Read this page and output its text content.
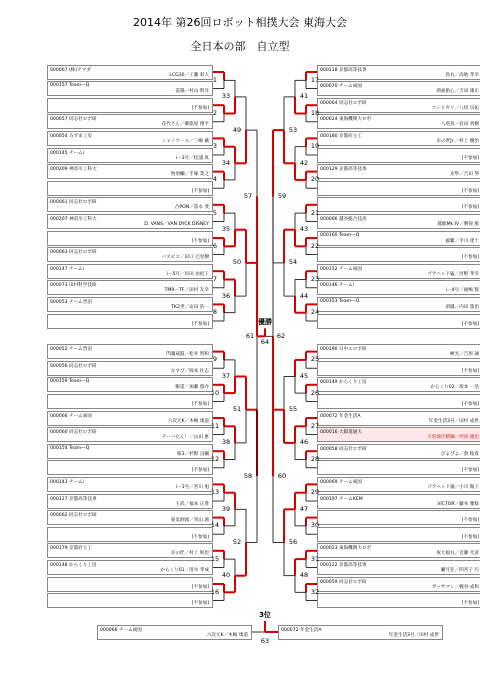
2014年 第26回ロボット相撲大会 東海大会
全日本の部　自立型
000067 (株)アマダ
LCG30／工藤 彩人
000157 Team―Q
雷陽／村山 智洋
[不参加]
000057 同志社ロボ研
花代さん／御旅屋 翔平
000054 みずま工房
シャノワール／三嶋 蕭
000145 チームi
i－3号／松浦 真
000209 神奈川工科大
致須欄／手塚 業之
[不参加]
000061 同志社ロボ研
凸PON／冨永 斐
000207 神奈川工科大
D. VANS／VAN DYCK DISNEY
[不参加]
000063 同志社ロボ研
バスピエ／田口 巴里樹
000147 チームi
i－5号／岸田 由紀子
000073 田村科学技研
TMR－TF／田村 友幸
000053 チーム晋沼
TK2世／安田 浩一
[不参加]
000052 チーム晋沼
閃魂竜鼓／松井 智和
000056 同志社ロボ研
なすび／岡本 壮志
000159 Team―Q
駆雷／加藤 悠介
[不参加]
000066 チーム両国
六次元K／木嶋 康道
000060 同志社ロボ研
テーバたん！／山田 惠
000154 Team―Q
桜3／杉野 良輔
[不参加]
000143 チームi
i－1号／宮川 旭
000127 京都高等技専
王武／福本 正豊
000062 同志社ロボ研
東気洞流／青山 凛
[不参加]
000179 京都府立工
京の匠／村上 和也
000148 からくり工房
からくり01／清水 孝成
[不参加]
[不参加]
000118 京都高等技専
鳥丸／高地 孝幸
000070 チーム両国
酒豪旅心／吉田 康正
000064 同志社ロボ研
コシヒカリ／八切 宗拓
000024 東海機関大ロボ
八咫鳥／岩田 勇樹
000180 京都府立工
京の匠Jr.／村上 優治
[不参加]
000129 京都高等技専
京隼／吉田 努
[不参加]
[不参加]
000066 越谷総合技高
越総Mk IV／勝俣 航
000160 Team―Q
風覇／平川 達士
[不参加]
000152 チーム両国
ゴアヘッド猛／河野 孝幸
000146 チームi
i－4号／福嶋 賢
000153 Team―Q
須鳳／内田 篤治
[不参加]
000190 日中エロボ研
極光／吉原 誠
[不参加]
000149 からくり工房
からくり02／坂本 一浩
[不参加]
000072 年金生活A
年金生活3号／田村 成世
000016 大阪電通大
大電通氏精鋼／西原 頭也
000058 同志社ロボ研
ぴよぴよ／倉 稔貴
[不参加]
000069 チーム両国
ゴアヘッド藻／小川 陽子
000197 チームKEM
VICTOR／藤木 雅稔
[不参加]
[不参加]
000023 東海機関大ロボ
夜大福丸／近藤 光彦
000122 京都高等技専
瀬月狂／四宮子 巧
000059 同志社ロボ研
ガッサマン／梶谷 成和
[不参加]
000066 チーム両国
六次元K／木嶋 康道
000072 年金生活A
年金生活3号／田村 成世
1
2
3
4
5
6
7
8
9
10
11
12
13
14
15
16
33
34
35
36
37
38
39
40
49
50
51
52
57
58
17
18
19
20
21
22
23
24
25
26
27
28
29
30
31
32
41
42
43
44
45
46
47
48
53
54
55
56
59
60
61	62
優勝
64
3位
63
